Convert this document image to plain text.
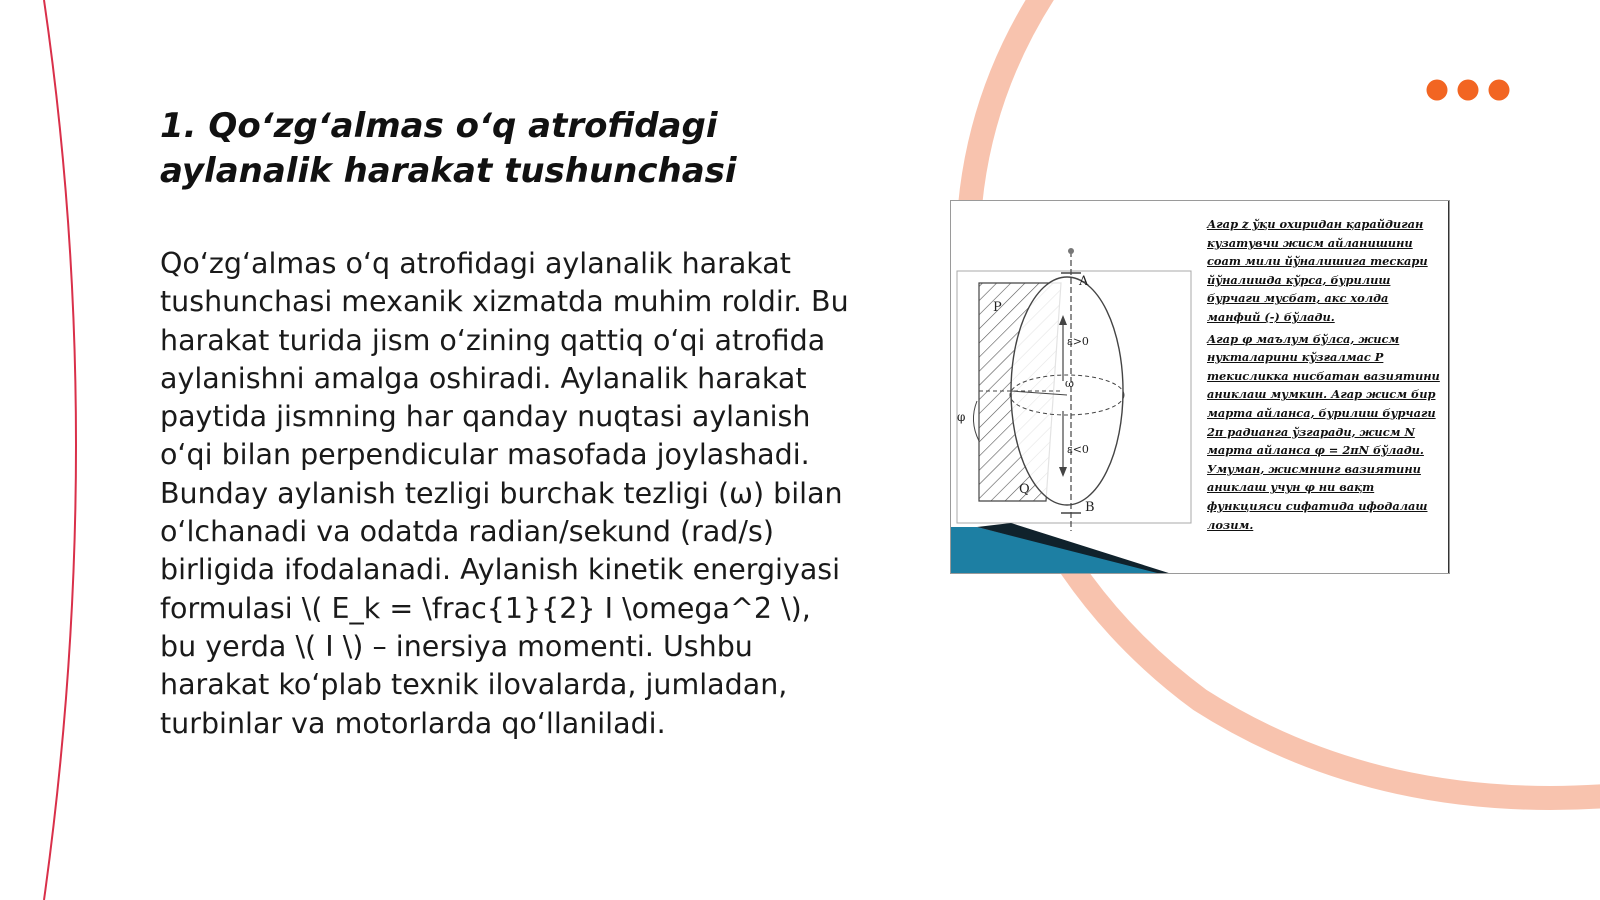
1. Qo‘zg‘almas o‘q atrofidagi aylanalik harakat tushunchasi

Qo‘zg‘almas o‘q atrofidagi aylanalik harakat tushunchasi mexanik xizmatda muhim roldir. Bu harakat turida jism o‘zining qattiq o‘qi atrofida aylanishni amalga oshiradi. Aylanalik harakat paytida jismning har qanday nuqtasi aylanish o‘qi bilan perpendicular masofada joylashadi. Bunday aylanish tezligi burchak tezligi (ω) bilan o‘lchanadi va odatda radian/sekund (rad/s) birligida ifodalanadi. Aylanish kinetik energiyasi formulasi \( E_k = \frac{1}{2} I \omega^2 \), bu yerda \( I \) – inersiya momenti. Ushbu harakat ko‘plab texnik ilovalarda, jumladan, turbinlar va motorlarda qo‘llaniladi.

A
B
P
Q
φ
ω
ε>0
ε<0

Агар z ўқи охиридан қарайдиган кузатувчи жисм айланишини соат мили йўналишига тескари йўналишда кўрса, бурилиш бурчаги мусбат, акс холда манфий (-) бўлади.

Агар φ маълум бўлса, жисм нукталарини кўзғалмас P текисликка нисбатан вазиятини аниклаш мумкин. Агар жисм бир марта айланса, бурилиш бурчаги 2π радианга ўзгаради, жисм N марта айланса φ = 2πN бўлади. Умуман, жисмнинг вазиятини аниклаш учун φ ни вақт функцияси сифатида ифодалаш лозим.
